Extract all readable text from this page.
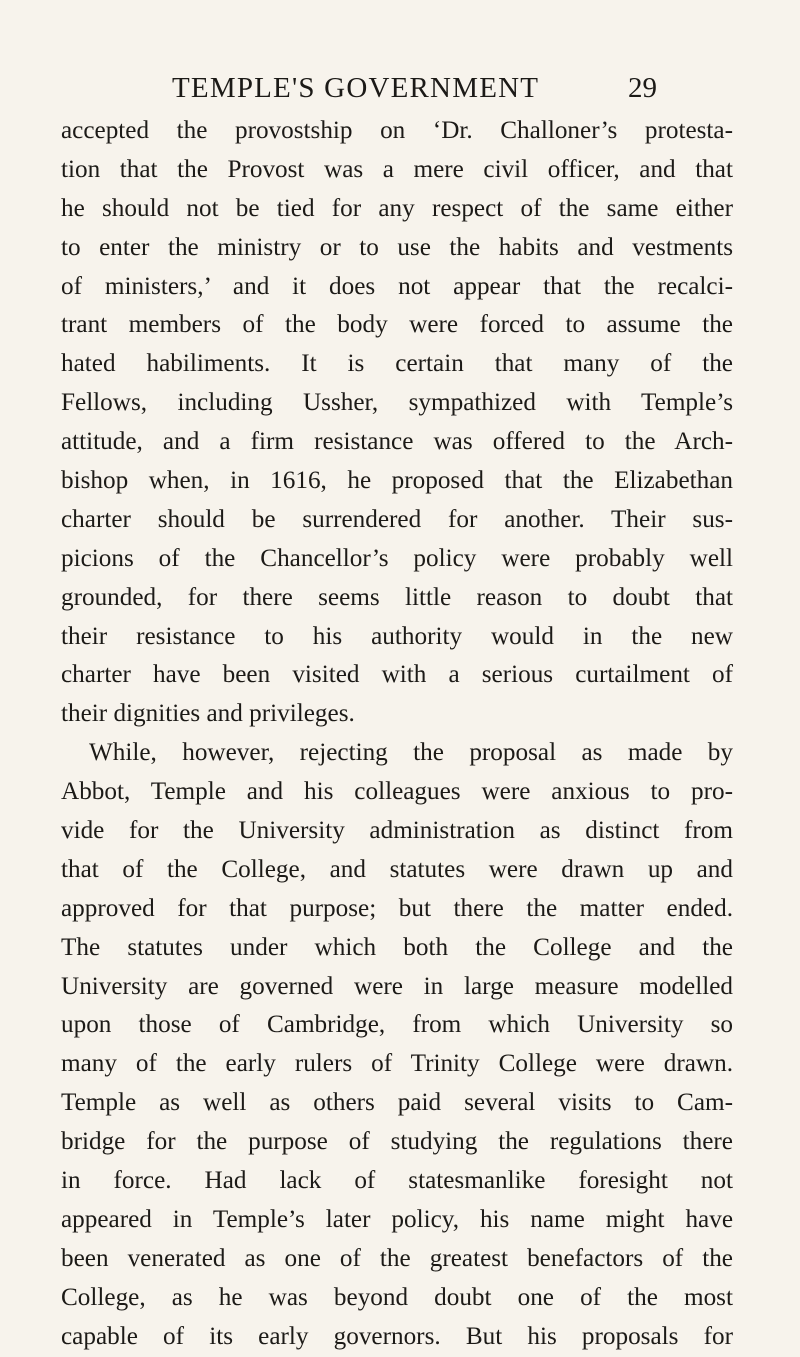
TEMPLE'S GOVERNMENT	29
accepted the provostship on ‘Dr. Challoner’s protesta-
tion that the Provost was a mere civil officer, and that
he should not be tied for any respect of the same either
to enter the ministry or to use the habits and vestments
of ministers,’ and it does not appear that the recalci-
trant members of the body were forced to assume the
hated habiliments. It is certain that many of the
Fellows, including Ussher, sympathized with Temple’s
attitude, and a firm resistance was offered to the Arch-
bishop when, in 1616, he proposed that the Elizabethan
charter should be surrendered for another. Their sus-
picions of the Chancellor’s policy were probably well
grounded, for there seems little reason to doubt that
their resistance to his authority would in the new
charter have been visited with a serious curtailment of
their dignities and privileges.
While, however, rejecting the proposal as made by
Abbot, Temple and his colleagues were anxious to pro-
vide for the University administration as distinct from
that of the College, and statutes were drawn up and
approved for that purpose; but there the matter ended.
The statutes under which both the College and the
University are governed were in large measure modelled
upon those of Cambridge, from which University so
many of the early rulers of Trinity College were drawn.
Temple as well as others paid several visits to Cam-
bridge for the purpose of studying the regulations there
in force. Had lack of statesmanlike foresight not
appeared in Temple’s later policy, his name might have
been venerated as one of the greatest benefactors of the
College, as he was beyond doubt one of the most
capable of its early governors. But his proposals for
